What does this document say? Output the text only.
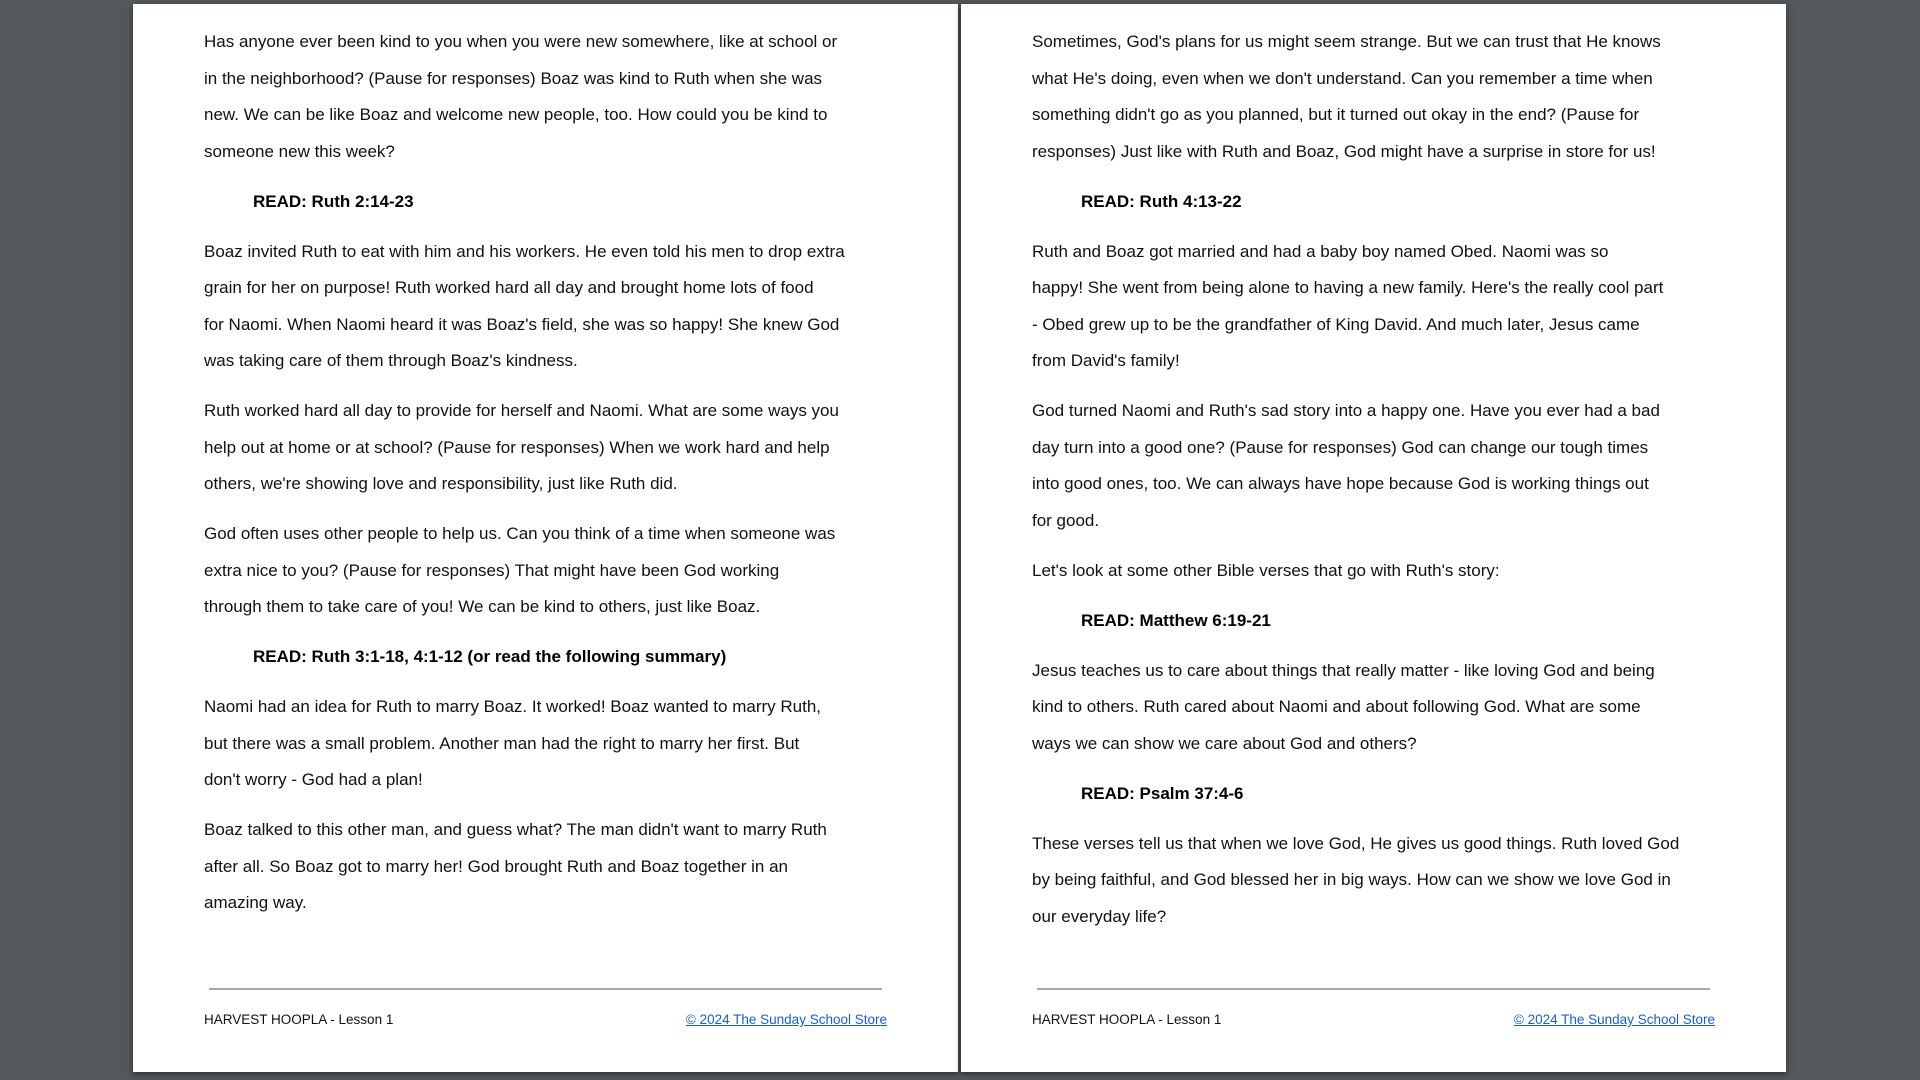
Has anyone ever been kind to you when you were new somewhere, like at school or
in the neighborhood? (Pause for responses) Boaz was kind to Ruth when she was
new. We can be like Boaz and welcome new people, too. How could you be kind to
someone new this week?
READ: Ruth 2:14-23
Boaz invited Ruth to eat with him and his workers. He even told his men to drop extra
grain for her on purpose! Ruth worked hard all day and brought home lots of food
for Naomi. When Naomi heard it was Boaz's field, she was so happy! She knew God
was taking care of them through Boaz's kindness.
Ruth worked hard all day to provide for herself and Naomi. What are some ways you
help out at home or at school? (Pause for responses) When we work hard and help
others, we're showing love and responsibility, just like Ruth did.
God often uses other people to help us. Can you think of a time when someone was
extra nice to you? (Pause for responses) That might have been God working
through them to take care of you! We can be kind to others, just like Boaz.
READ: Ruth 3:1-18, 4:1-12 (or read the following summary)
Naomi had an idea for Ruth to marry Boaz. It worked! Boaz wanted to marry Ruth,
but there was a small problem. Another man had the right to marry her first. But
don't worry - God had a plan!
Boaz talked to this other man, and guess what? The man didn't want to marry Ruth
after all. So Boaz got to marry her! God brought Ruth and Boaz together in an
amazing way.
HARVEST HOOPLA - Lesson 1	© 2024 The Sunday School Store
Sometimes, God's plans for us might seem strange. But we can trust that He knows
what He's doing, even when we don't understand. Can you remember a time when
something didn't go as you planned, but it turned out okay in the end? (Pause for
responses) Just like with Ruth and Boaz, God might have a surprise in store for us!
READ: Ruth 4:13-22
Ruth and Boaz got married and had a baby boy named Obed. Naomi was so
happy! She went from being alone to having a new family. Here's the really cool part
- Obed grew up to be the grandfather of King David. And much later, Jesus came
from David's family!
God turned Naomi and Ruth's sad story into a happy one. Have you ever had a bad
day turn into a good one? (Pause for responses) God can change our tough times
into good ones, too. We can always have hope because God is working things out
for good.
Let's look at some other Bible verses that go with Ruth's story:
READ: Matthew 6:19-21
Jesus teaches us to care about things that really matter - like loving God and being
kind to others. Ruth cared about Naomi and about following God. What are some
ways we can show we care about God and others?
READ: Psalm 37:4-6
These verses tell us that when we love God, He gives us good things. Ruth loved God
by being faithful, and God blessed her in big ways. How can we show we love God in
our everyday life?
HARVEST HOOPLA - Lesson 1	© 2024 The Sunday School Store
